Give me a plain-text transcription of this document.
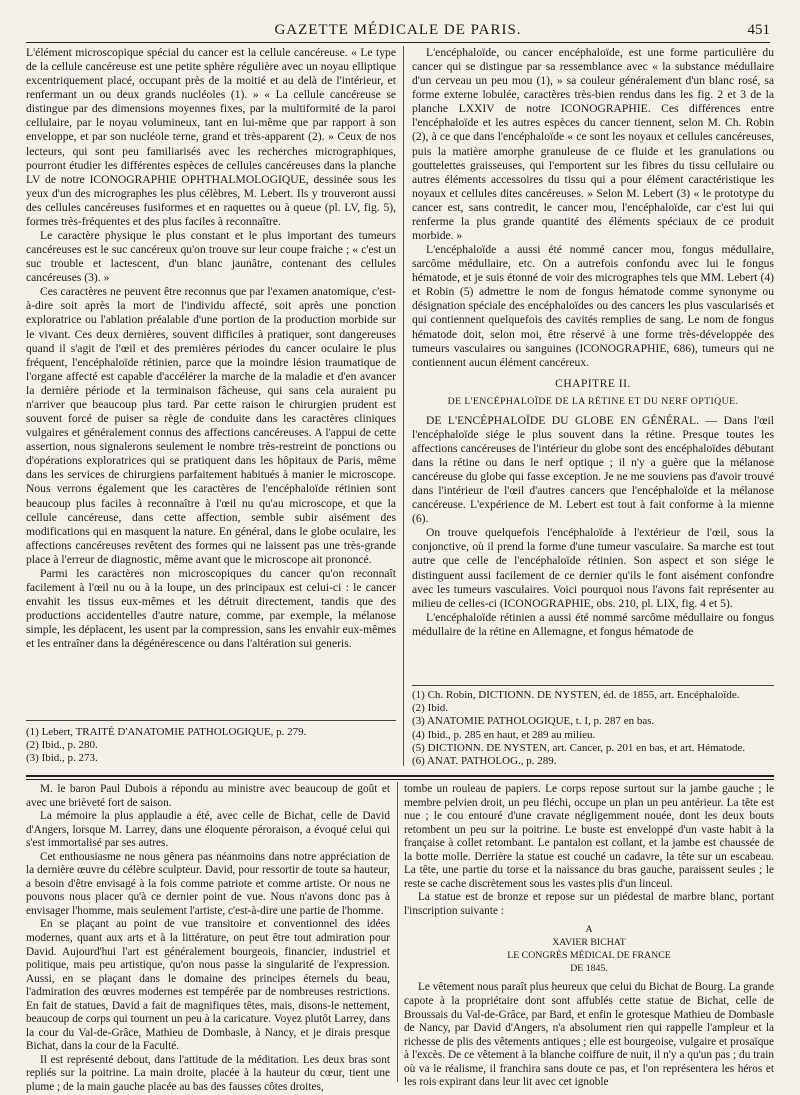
GAZETTE MÉDICALE DE PARIS.	451

L'élément microscopique spécial du cancer est la cellule cancéreuse. « Le type de la cellule cancéreuse est une petite sphère régulière avec un noyau elliptique excentriquement placé, occupant près de la moitié et au delà de l'intérieur, et renfermant un ou deux grands nucléoles (1). » « La cellule cancéreuse se distingue par des dimensions moyennes fixes, par la multiformité de la paroi cellulaire, par le noyau volumineux, tant en lui-même que par rapport à son enveloppe, et par son nucléole terne, grand et très-apparent (2). » Ceux de nos lecteurs, qui sont peu familiarisés avec les recherches micrographiques, pourront étudier les différentes espèces de cellules cancéreuses dans la planche LV de notre ICONOGRAPHIE OPHTHALMOLOGIQUE, dessinée sous les yeux d'un des micrographes les plus célèbres, M. Lebert. Ils y trouveront aussi des cellules cancéreuses fusiformes et en raquettes ou à queue (pl. LV, fig. 5), formes très-fréquentes et des plus faciles à reconnaître.

Le caractère physique le plus constant et le plus important des tumeurs cancéreuses est le suc cancéreux qu'on trouve sur leur coupe fraiche ; « c'est un suc trouble et lactescent, d'un blanc jaunâtre, contenant des cellules cancéreuses (3). »

Ces caractères ne peuvent être reconnus que par l'examen anatomique, c'est-à-dire soit après la mort de l'individu affecté, soit après une ponction exploratrice ou l'ablation préalable d'une portion de la production morbide sur le vivant. Ces deux dernières, souvent difficiles à pratiquer, sont dangereuses quand il s'agit de l'œil et des premières périodes du cancer oculaire le plus fréquent, l'encéphaloïde rétinien, parce que la moindre lésion traumatique de l'organe affecté est capable d'accélérer la marche de la maladie et d'en avancer la dernière période et la terminaison fâcheuse, qui sans cela auraient pu n'arriver que beaucoup plus tard. Par cette raison le chirurgien prudent est souvent forcé de puiser sa règle de conduite dans les caractères cliniques vulgaires et généralement connus des affections cancéreuses. A l'appui de cette assertion, nous signalerons seulement le nombre très-restreint de ponctions ou d'opérations exploratrices qui se pratiquent dans les hôpitaux de Paris, même dans les services de chirurgiens parfaitement habitués à manier le microscope. Nous verrons également que les caractères de l'encéphaloïde rétinien sont beaucoup plus faciles à reconnaître à l'œil nu qu'au microscope, et que la cellule cancéreuse, dans cette affection, semble subir aisément des modifications qui en masquent la nature. En général, dans le globe oculaire, les affections cancéreuses revêtent des formes qui ne laissent pas une très-grande place à l'erreur de diagnostic, même avant que le microscope ait prononcé.

Parmi les caractères non microscopiques du cancer qu'on reconnaît facilement à l'œil nu ou à la loupe, un des principaux est celui-ci : le cancer envahit les tissus eux-mêmes et les détruit directement, tandis que des productions accidentelles d'autre nature, comme, par exemple, la mélanose simple, les déplacent, les usent par la compression, sans les envahir eux-mêmes et les entraîner dans la dégénérescence ou dans l'altération sui generis.

(1) Lebert, TRAITÉ D'ANATOMIE PATHOLOGIQUE, p. 279.
(2) Ibid., p. 280.
(3) Ibid., p. 273.

L'encéphaloïde, ou cancer encéphaloïde, est une forme particulière du cancer qui se distingue par sa ressemblance avec « la substance médullaire d'un cerveau un peu mou (1), » sa couleur généralement d'un blanc rosé, sa forme externe lobulée, caractères très-bien rendus dans les fig. 2 et 3 de la planche LXXIV de notre ICONOGRAPHIE. Ces différences entre l'encéphaloïde et les autres espèces du cancer tiennent, selon M. Ch. Robin (2), à ce que dans l'encéphaloïde « ce sont les noyaux et cellules cancéreuses, puis la matière amorphe granuleuse de ce fluide et les granulations ou gouttelettes graisseuses, qui l'emportent sur les fibres du tissu cellulaire ou autres éléments accessoires du tissu qui a pour élément caractéristique les noyaux et cellules dites cancéreuses. » Selon M. Lebert (3) « le prototype du cancer est, sans contredit, le cancer mou, l'encéphaloïde, car c'est lui qui renferme la plus grande quantité des éléments spéciaux de ce produit morbide. »

L'encéphaloïde a aussi été nommé cancer mou, fongus médullaire, sarcôme médullaire, etc. On a autrefois confondu avec lui le fongus hématode, et je suis étonné de voir des micrographes tels que MM. Lebert (4) et Robin (5) admettre le nom de fongus hématode comme synonyme ou désignation spéciale des encéphaloïdes ou des cancers les plus vascularisés et qui contiennent quelquefois des cavités remplies de sang. Le nom de fongus hématode doit, selon moi, être réservé à une forme très-développée des tumeurs vasculaires ou sanguines (ICONOGRAPHIE, 686), tumeurs qui ne contiennent aucun élément cancéreux.

CHAPITRE II.
DE L'ENCÉPHALOÏDE DE LA RÉTINE ET DU NERF OPTIQUE.

DE L'ENCÉPHALOÏDE DU GLOBE EN GÉNÉRAL. — Dans l'œil l'encéphaloïde siége le plus souvent dans la rétine. Presque toutes les affections cancéreuses de l'intérieur du globe sont des encéphaloïdes débutant dans la rétine ou dans le nerf optique ; il n'y a guère que la mélanose cancéreuse du globe qui fasse exception. Je ne me souviens pas d'avoir trouvé dans l'intérieur de l'œil d'autres cancers que l'encéphaloïde et la mélanose cancéreuse. L'expérience de M. Lebert est tout à fait conforme à la mienne (6).

On trouve quelquefois l'encéphaloïde à l'extérieur de l'œil, sous la conjonctive, où il prend la forme d'une tumeur vasculaire. Sa marche est tout autre que celle de l'encéphaloïde rétinien. Son aspect et son siége le distinguent aussi facilement de ce dernier qu'ils le font aisément confondre avec les tumeurs vasculaires. Voici pourquoi nous l'avons fait représenter au milieu de celles-ci (ICONOGRAPHIE, obs. 210, pl. LIX, fig. 4 et 5).

L'encéphaloïde rétinien a aussi été nommé sarcôme médullaire ou fongus médullaire de la rétine en Allemagne, et fongus hématode de

(1) Ch. Robin, DICTIONN. DE NYSTEN, éd. de 1855, art. Encéphaloïde.
(2) Ibid.
(3) ANATOMIE PATHOLOGIQUE, t. I, p. 287 en bas.
(4) Ibid., p. 285 en haut, et 289 au milieu.
(5) DICTIONN. DE NYSTEN, art. Cancer, p. 201 en bas, et art. Hématode.
(6) ANAT. PATHOLOG., p. 289.

M. le baron Paul Dubois a répondu au ministre avec beaucoup de goût et avec une brièveté fort de saison.

La mémoire la plus applaudie a été, avec celle de Bichat, celle de David d'Angers, lorsque M. Larrey, dans une éloquente péroraison, a évoqué celui qui s'est immortalisé par ses autres.

Cet enthousiasme ne nous gênera pas néanmoins dans notre appréciation de la dernière œuvre du célèbre sculpteur. David, pour ressortir de toute sa hauteur, a besoin d'être envisagé à la fois comme patriote et comme artiste. Or nous ne pouvons nous placer qu'à ce dernier point de vue. Nous n'avons donc pas à envisager l'homme, mais seulement l'artiste, c'est-à-dire une partie de l'homme.

En se plaçant au point de vue transitoire et conventionnel des idées modernes, quant aux arts et à la littérature, on peut être tout admiration pour David. Aujourd'hui l'art est généralement bourgeois, financier, industriel et politique, mais peu artistique, qu'on nous passe la singularité de l'expression. Aussi, en se plaçant dans le domaine des principes éternels du beau, l'admiration des œuvres modernes est tempérée par de nombreuses restrictions. En fait de statues, David a fait de magnifiques têtes, mais, disons-le nettement, beaucoup de corps qui tournent un peu à la caricature. Voyez plutôt Larrey, dans la cour du Val-de-Grâce, Mathieu de Dombasle, à Nancy, et je dirais presque Bichat, dans la cour de la Faculté.

Il est représenté debout, dans l'attitude de la méditation. Les deux bras sont repliés sur la poitrine. La main droite, placée à la hauteur du cœur, tient une plume ; de la main gauche placée au bas des fausses côtes droites,

tombe un rouleau de papiers. Le corps repose surtout sur la jambe gauche ; le membre pelvien droit, un peu fléchi, occupe un plan un peu antérieur. La tête est nue ; le cou entouré d'une cravate négligemment nouée, dont les deux bouts retombent un peu sur la poitrine. Le buste est enveloppé d'un vaste habit à la française à collet retombant. Le pantalon est collant, et la jambe est chaussée de la botte molle. Derrière la statue est couché un cadavre, la tête sur un escabeau. La tête, une partie du torse et la naissance du bras gauche, paraissent seules ; le reste se cache discrètement sous les vastes plis d'un linceul.

La statue est de bronze et repose sur un piédestal de marbre blanc, portant l'inscription suivante :

A
XAVIER BICHAT
LE CONGRÈS MÉDICAL DE FRANCE
DE 1845.

Le vêtement nous paraît plus heureux que celui du Bichat de Bourg. La grande capote à la propriétaire dont sont affublés cette statue de Bichat, celle de Broussais du Val-de-Grâce, par Bard, et enfin le grotesque Mathieu de Dombasle de Nancy, par David d'Angers, n'a absolument rien qui rappelle l'ampleur et la richesse de plis des vêtements antiques ; elle est bourgeoise, vulgaire et prosaïque à l'excès. De ce vêtement à la blanche coiffure de nuit, il n'y a qu'un pas ; du train où va le réalisme, il franchira sans doute ce pas, et l'on représentera les héros et les rois expirant dans leur lit avec cet ignoble
